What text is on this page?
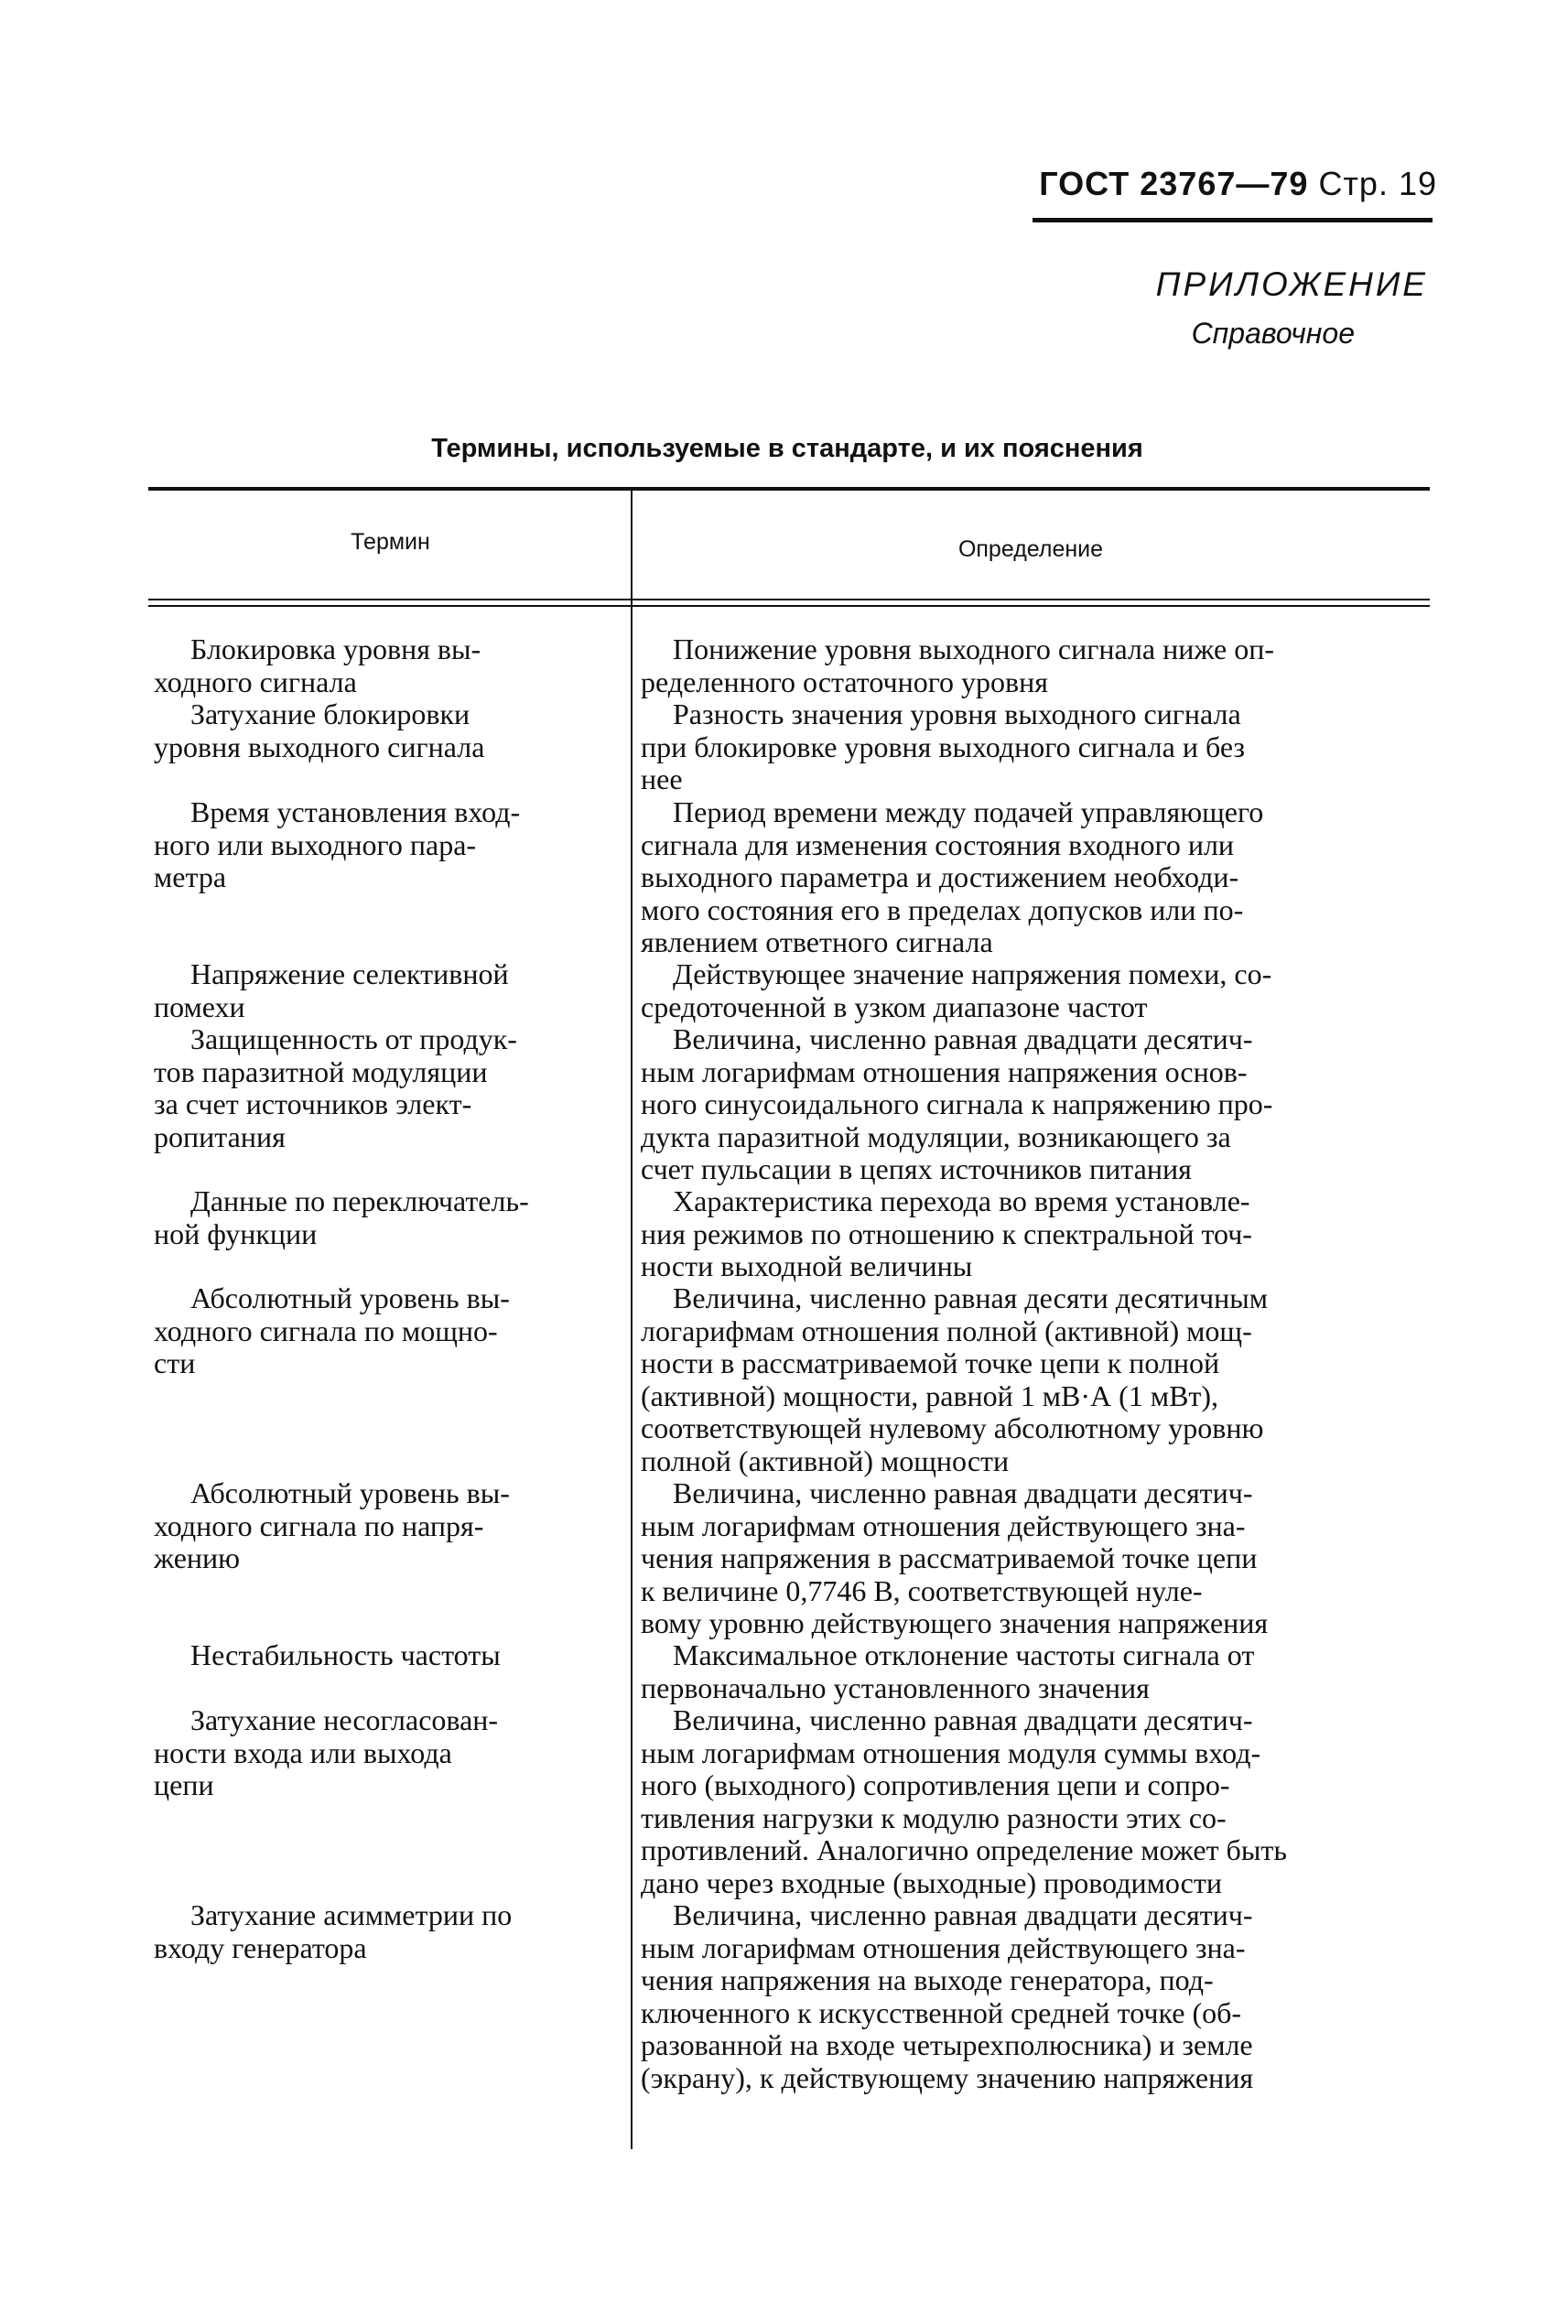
ГОСТ 23767—79 Стр. 19
ПРИЛОЖЕНИЕ
Справочное
Термины, используемые в стандарте, и их пояснения
Термин	Определение
Блокировка уровня вы-
ходного сигнала
Понижение уровня выходного сигнала ниже оп-
ределенного остаточного уровня
Затухание блокировки
уровня выходного сигнала
Разность значения уровня выходного сигнала
при блокировке уровня выходного сигнала и без
нее
Время установления вход-
ного или выходного пара-
метра
Период времени между подачей управляющего
сигнала для изменения состояния входного или
выходного параметра и достижением необходи-
мого состояния его в пределах допусков или по-
явлением ответного сигнала
Напряжение селективной
помехи
Действующее значение напряжения помехи, со-
средоточенной в узком диапазоне частот
Защищенность от продук-
тов паразитной модуляции
за счет источников элект-
ропитания
Величина, численно равная двадцати десятич-
ным логарифмам отношения напряжения основ-
ного синусоидального сигнала к напряжению про-
дукта паразитной модуляции, возникающего за
счет пульсации в цепях источников питания
Данные по переключатель-
ной функции
Характеристика перехода во время установле-
ния режимов по отношению к спектральной точ-
ности выходной величины
Абсолютный уровень вы-
ходного сигнала по мощно-
сти
Величина, численно равная десяти десятичным
логарифмам отношения полной (активной) мощ-
ности в рассматриваемой точке цепи к полной
(активной) мощности, равной 1 мВ·А (1 мВт),
соответствующей нулевому абсолютному уровню
полной (активной) мощности
Абсолютный уровень вы-
ходного сигнала по напря-
жению
Величина, численно равная двадцати десятич-
ным логарифмам отношения действующего зна-
чения напряжения в рассматриваемой точке цепи
к величине 0,7746 В, соответствующей нуле-
вому уровню действующего значения напряжения
Нестабильность частоты	Максимальное отклонение частоты сигнала от
первоначально установленного значения
Затухание несогласован-
ности входа или выхода
цепи
Величина, численно равная двадцати десятич-
ным логарифмам отношения модуля суммы вход-
ного (выходного) сопротивления цепи и сопро-
тивления нагрузки к модулю разности этих со-
противлений. Аналогично определение может быть
дано через входные (выходные) проводимости
Затухание асимметрии по
входу генератора
Величина, численно равная двадцати десятич-
ным логарифмам отношения действующего зна-
чения напряжения на выходе генератора, под-
ключенного к искусственной средней точке (об-
разованной на входе четырехполюсника) и земле
(экрану), к действующему значению напряжения
